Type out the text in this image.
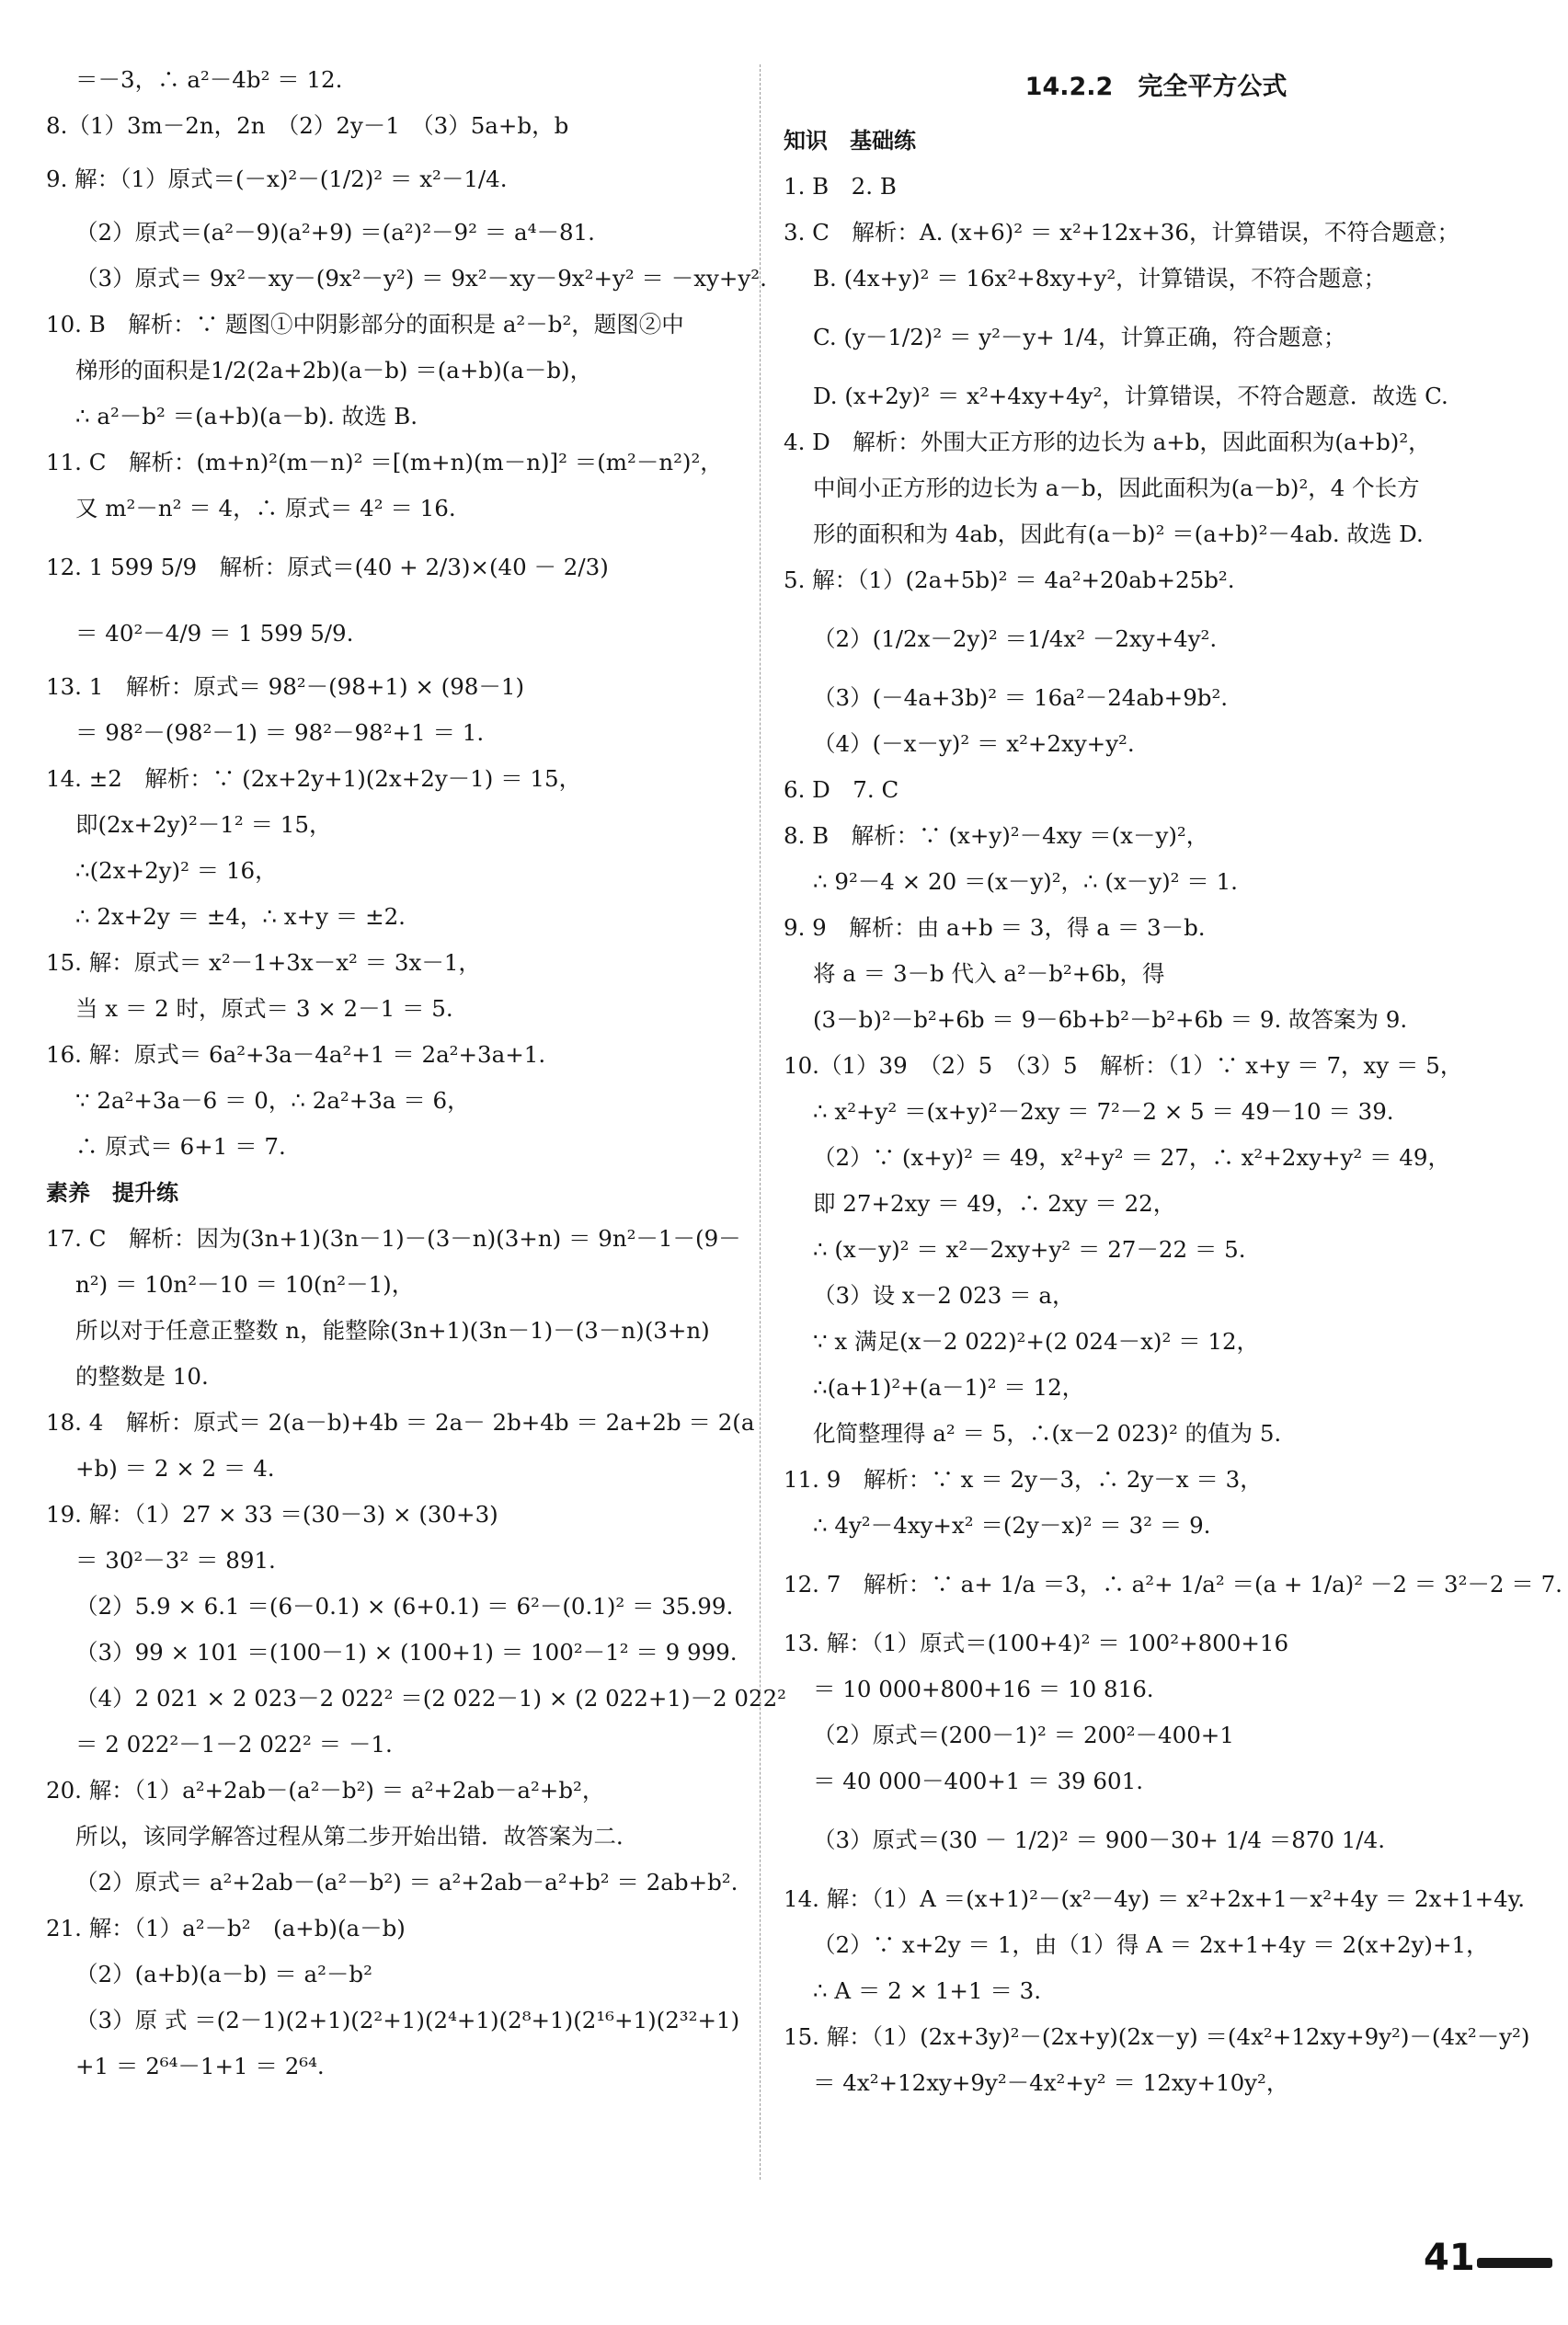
＝－3，∴ a²－4b² ＝ 12.
8.（1）3m－2n，2n　（2）2y－1　（3）5a+b，b
9. 解：（1）原式＝(－x)²－(1/2)² ＝ x²－1/4.
（2）原式＝(a²－9)(a²+9) ＝(a²)²－9² ＝ a⁴－81.
（3）原式＝ 9x²－xy－(9x²－y²) ＝ 9x²－xy－9x²+y² ＝ －xy+y².
10. B　解析：∵ 题图①中阴影部分的面积是 a²－b²，题图②中
梯形的面积是1/2(2a+2b)(a－b) ＝(a+b)(a－b)，
∴ a²－b² ＝(a+b)(a－b). 故选 B.
11. C　解析：(m+n)²(m－n)² ＝[(m+n)(m－n)]² ＝(m²－n²)²，
又 m²－n² ＝ 4，∴ 原式＝ 4² ＝ 16.
12. 1 599 5/9　解析：原式＝(40 + 2/3)×(40 － 2/3)
＝ 40²－4/9 ＝ 1 599 5/9.
13. 1　解析：原式＝ 98²－(98+1) × (98－1)
＝ 98²－(98²－1) ＝ 98²－98²+1 ＝ 1.
14. ±2　解析：∵ (2x+2y+1)(2x+2y－1) ＝ 15，
即(2x+2y)²－1² ＝ 15，
∴(2x+2y)² ＝ 16，
∴ 2x+2y ＝ ±4，∴ x+y ＝ ±2.
15. 解：原式＝ x²－1+3x－x² ＝ 3x－1，
当 x ＝ 2 时，原式＝ 3 × 2－1 ＝ 5.
16. 解：原式＝ 6a²+3a－4a²+1 ＝ 2a²+3a+1.
∵ 2a²+3a－6 ＝ 0，∴ 2a²+3a ＝ 6，
∴ 原式＝ 6+1 ＝ 7.
素养　提升练
17. C　解析：因为(3n+1)(3n－1)－(3－n)(3+n) ＝ 9n²－1－(9－
n²) ＝ 10n²－10 ＝ 10(n²－1)，
所以对于任意正整数 n，能整除(3n+1)(3n－1)－(3－n)(3+n)
的整数是 10.
18. 4　解析：原式＝ 2(a－b)+4b ＝ 2a－ 2b+4b ＝ 2a+2b ＝ 2(a
+b) ＝ 2 × 2 ＝ 4.
19. 解：（1）27 × 33 ＝(30－3) × (30+3)
＝ 30²－3² ＝ 891.
（2）5.9 × 6.1 ＝(6－0.1) × (6+0.1) ＝ 6²－(0.1)² ＝ 35.99.
（3）99 × 101 ＝(100－1) × (100+1) ＝ 100²－1² ＝ 9 999.
（4）2 021 × 2 023－2 022² ＝(2 022－1) × (2 022+1)－2 022²
＝ 2 022²－1－2 022² ＝ －1.
20. 解：（1）a²+2ab－(a²－b²) ＝ a²+2ab－a²+b²，
所以，该同学解答过程从第二步开始出错．故答案为二．
（2）原式＝ a²+2ab－(a²－b²) ＝ a²+2ab－a²+b² ＝ 2ab+b².
21. 解：（1）a²－b²　(a+b)(a－b)
（2）(a+b)(a－b) ＝ a²－b²
（3）原 式 ＝(2－1)(2+1)(2²+1)(2⁴+1)(2⁸+1)(2¹⁶+1)(2³²+1)
+1 ＝ 2⁶⁴－1+1 ＝ 2⁶⁴.
14.2.2　完全平方公式
知识　基础练
1. B　2. B
3. C　解析：A. (x+6)² ＝ x²+12x+36，计算错误，不符合题意；
B. (4x+y)² ＝ 16x²+8xy+y²，计算错误，不符合题意；
C. (y－1/2)² ＝ y²－y+ 1/4，计算正确，符合题意；
D. (x+2y)² ＝ x²+4xy+4y²，计算错误，不符合题意．故选 C.
4. D　解析：外围大正方形的边长为 a+b，因此面积为(a+b)²，
中间小正方形的边长为 a－b，因此面积为(a－b)²，4 个长方
形的面积和为 4ab，因此有(a－b)² ＝(a+b)²－4ab. 故选 D.
5. 解：（1）(2a+5b)² ＝ 4a²+20ab+25b².
（2）(1/2x－2y)² ＝1/4x² －2xy+4y².
（3）(－4a+3b)² ＝ 16a²－24ab+9b².
（4）(－x－y)² ＝ x²+2xy+y².
6. D　7. C
8. B　解析：∵ (x+y)²－4xy ＝(x－y)²，
∴ 9²－4 × 20 ＝(x－y)²，∴ (x－y)² ＝ 1.
9. 9　解析：由 a+b ＝ 3，得 a ＝ 3－b.
将 a ＝ 3－b 代入 a²－b²+6b，得
(3－b)²－b²+6b ＝ 9－6b+b²－b²+6b ＝ 9. 故答案为 9.
10.（1）39　（2）5　（3）5　解析：（1）∵ x+y ＝ 7，xy ＝ 5，
∴ x²+y² ＝(x+y)²－2xy ＝ 7²－2 × 5 ＝ 49－10 ＝ 39.
（2）∵ (x+y)² ＝ 49，x²+y² ＝ 27，∴ x²+2xy+y² ＝ 49，
即 27+2xy ＝ 49，∴ 2xy ＝ 22，
∴ (x－y)² ＝ x²－2xy+y² ＝ 27－22 ＝ 5.
（3）设 x－2 023 ＝ a，
∵ x 满足(x－2 022)²+(2 024－x)² ＝ 12，
∴(a+1)²+(a－1)² ＝ 12，
化简整理得 a² ＝ 5，∴(x－2 023)² 的值为 5.
11. 9　解析：∵ x ＝ 2y－3，∴ 2y－x ＝ 3，
∴ 4y²－4xy+x² ＝(2y－x)² ＝ 3² ＝ 9.
12. 7　解析：∵ a+ 1/a ＝3，∴ a²+ 1/a² ＝(a + 1/a)² －2 ＝ 3²－2 ＝ 7.
13. 解：（1）原式＝(100+4)² ＝ 100²+800+16
＝ 10 000+800+16 ＝ 10 816.
（2）原式＝(200－1)² ＝ 200²－400+1
＝ 40 000－400+1 ＝ 39 601.
（3）原式＝(30 － 1/2)² ＝ 900－30+ 1/4 ＝870 1/4.
14. 解：（1）A ＝(x+1)²－(x²－4y) ＝ x²+2x+1－x²+4y ＝ 2x+1+4y.
（2）∵ x+2y ＝ 1，由（1）得 A ＝ 2x+1+4y ＝ 2(x+2y)+1，
∴ A ＝ 2 × 1+1 ＝ 3.
15. 解：（1）(2x+3y)²－(2x+y)(2x－y) ＝(4x²+12xy+9y²)－(4x²－y²)
＝ 4x²+12xy+9y²－4x²+y² ＝ 12xy+10y²，
41
